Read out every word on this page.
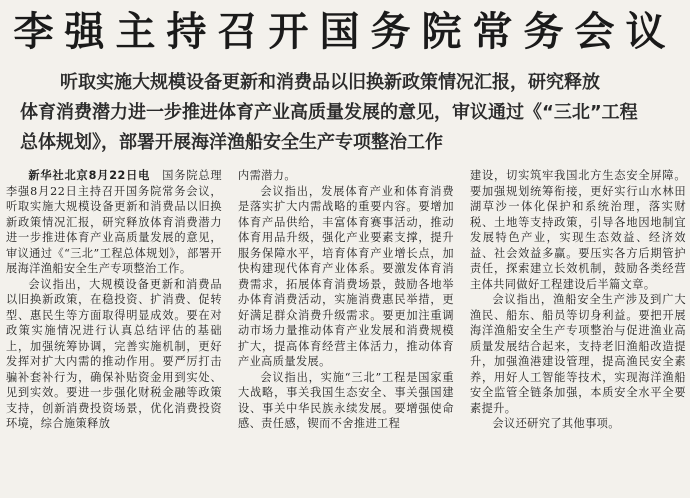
李强主持召开国务院常务会议
听取实施大规模设备更新和消费品以旧换新政策情况汇报，研究释放
体育消费潜力进一步推进体育产业高质量发展的意见，审议通过《“三北”工程
总体规划》，部署开展海洋渔船安全生产专项整治工作

新华社北京8月22日电　 国务院总理李强8月22日主持召开国务院常务会议，听取实施大规模设备更新和消费品以旧换新政策情况汇报，研究释放体育消费潜力进一步推进体育产业高质量发展的意见，审议通过《“三北”工程总体规划》，部署开展海洋渔船安全生产专项整治工作。

会议指出，大规模设备更新和消费品以旧换新政策，在稳投资、扩消费、促转型、惠民生等方面取得明显成效。要在对政策实施情况进行认真总结评估的基础上，加强统筹协调，完善实施机制，更好发挥对扩大内需的推动作用。要严厉打击骗补套补行为，确保补贴资金用到实处、见到实效。要进一步强化财税金融等政策支持，创新消费投资场景，优化消费投资环境，综合施策释放

内需潜力。

会议指出，发展体育产业和体育消费是落实扩大内需战略的重要内容。要增加体育产品供给，丰富体育赛事活动，推动体育用品升级，强化产业要素支撑，提升服务保障水平，培育体育产业增长点，加快构建现代体育产业体系。要激发体育消费需求，拓展体育消费场景，鼓励各地举办体育消费活动，实施消费惠民举措，更好满足群众消费升级需求。要更加注重调动市场力量推动体育产业发展和消费规模扩大，提高体育经营主体活力，推动体育产业高质量发展。

会议指出，实施“三北”工程是国家重大战略，事关我国生态安全、事关强国建设、事关中华民族永续发展。要增强使命感、责任感，锲而不舍推进工程

建设，切实筑牢我国北方生态安全屏障。要加强规划统筹衔接，更好实行山水林田湖草沙一体化保护和系统治理，落实财税、土地等支持政策，引导各地因地制宜发展特色产业，实现生态效益、经济效益、社会效益多赢。要压实各方后期管护责任，探索建立长效机制，鼓励各类经营主体共同做好工程建设后半篇文章。

会议指出，渔船安全生产涉及到广大渔民、船东、船员等切身利益。要把开展海洋渔船安全生产专项整治与促进渔业高质量发展结合起来，支持老旧渔船改造提升，加强渔港建设管理，提高渔民安全素养，用好人工智能等技术，实现海洋渔船安全监管全链条加强，本质安全水平全要素提升。

会议还研究了其他事项。
